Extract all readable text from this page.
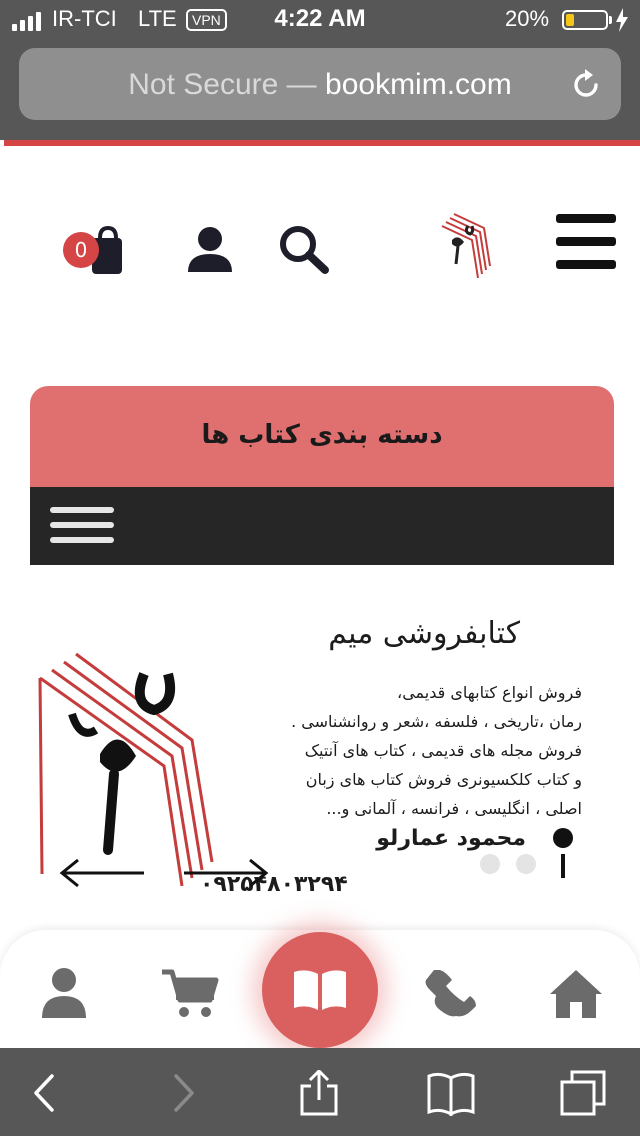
IR-TCI LTE	VPN	4:22 AM	20%
Not Secure — bookmim.com
0
دسته بندی کتاب ها
کتابفروشی میم
فروش انواع کتابهای قدیمی،
رمان ،تاریخی ، فلسفه ،شعر و روانشناسی .
فروش مجله های قدیمی ، کتاب های آنتیک
و کتاب کلکسیونری فروش کتاب های زبان
اصلی ، انگلیسی ، فرانسه ، آلمانی و...
محمود عمارلو
۰۹۲۵۴۸۰۳۲۹۴
